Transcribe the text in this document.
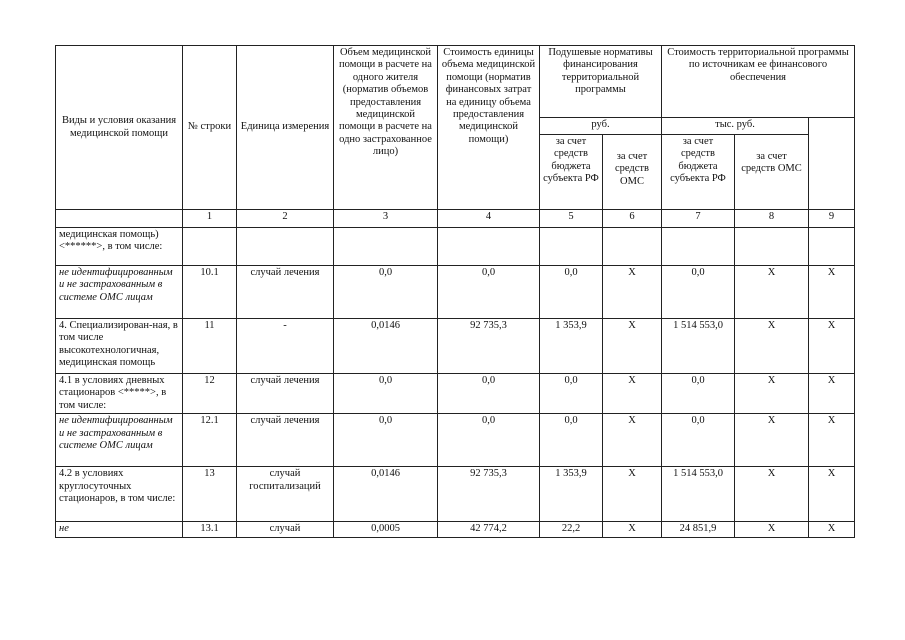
Виды и условия оказания медицинской помощи	№ строки	Единица измерения	Объем медицинской помощи в расчете на одного жителя (норматив объемов предоставления медицинской помощи в расчете на одно застрахованное лицо)	Стоимость единицы объема медицинской помощи (норматив финансовых затрат на единицу объема предоставления медицинской помощи)	Подушевые нормативы финансирования территориальной программы		Стоимость территориальной программы по источникам ее финансового обеспечения		
					руб.		тыс. руб.		
					за счет средств бюджета субъекта РФ	за счет средств ОМС	за счет средств бюджета субъекта РФ	за счет средств ОМС	
	1	2	3	4	5	6	7	8	9
медицинская помощь) <******>, в том числе:									
не идентифицированным и не застрахованным в системе ОМС лицам	10.1	случай лечения	0,0	0,0	0,0	X	0,0	X	X
4. Специализирован-ная, в том числе высокотехнологичная, медицинская помощь	11	-	0,0146	92 735,3	1 353,9	X	1 514 553,0	X	X
4.1 в условиях дневных стационаров <*****>, в том числе:	12	случай лечения	0,0	0,0	0,0	X	0,0	X	X
не идентифицированным и не застрахованным в системе ОМС лицам	12.1	случай лечения	0,0	0,0	0,0	X	0,0	X	X
4.2 в условиях круглосуточных стационаров, в том числе:	13	случай госпитализаций	0,0146	92 735,3	1 353,9	X	1 514 553,0	X	X
не	13.1	случай	0,0005	42 774,2	22,2	X	24 851,9	X	X
